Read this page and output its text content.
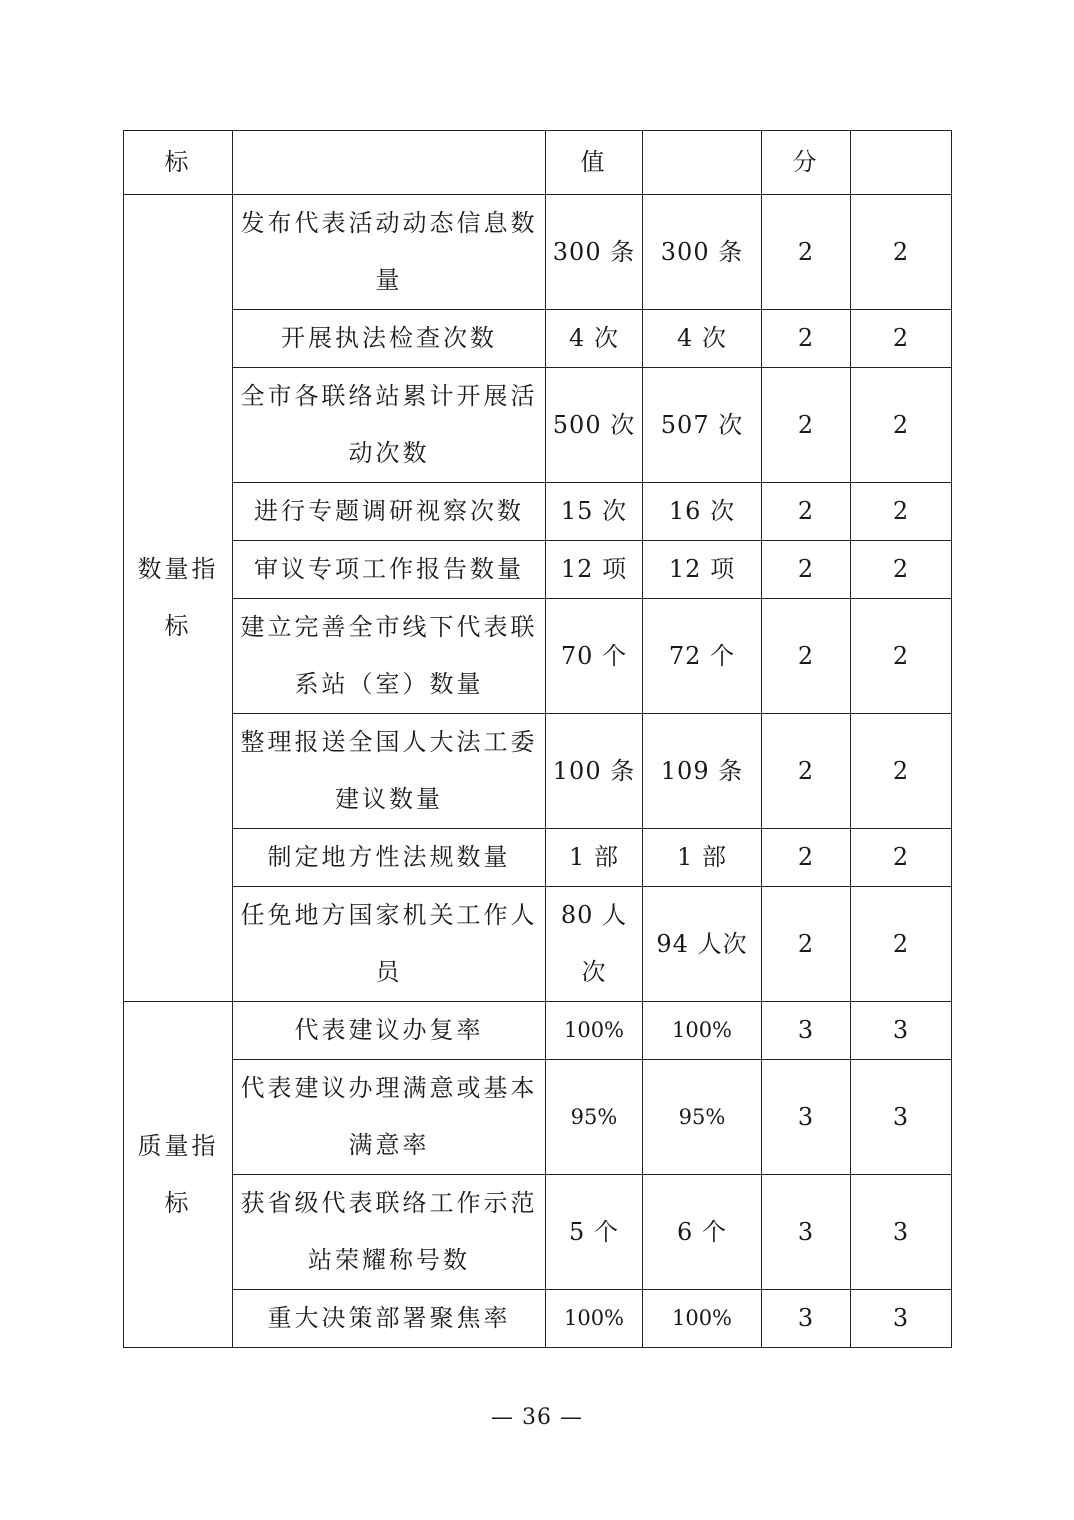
标		值		分	
数量指标	发布代表活动动态信息数量	300 条	300 条	2	2
	开展执法检查次数	4 次	4 次	2	2
	全市各联络站累计开展活动次数	500 次	507 次	2	2
	进行专题调研视察次数	15 次	16 次	2	2
	审议专项工作报告数量	12 项	12 项	2	2
	建立完善全市线下代表联系站（室）数量	70 个	72 个	2	2
	整理报送全国人大法工委建议数量	100 条	109 条	2	2
	制定地方性法规数量	1 部	1 部	2	2
	任免地方国家机关工作人员	80 人次	94 人次	2	2
质量指标	代表建议办复率	100%	100%	3	3
	代表建议办理满意或基本满意率	95%	95%	3	3
	获省级代表联络工作示范站荣耀称号数	5 个	6 个	3	3
	重大决策部署聚焦率	100%	100%	3	3
— 36 —
